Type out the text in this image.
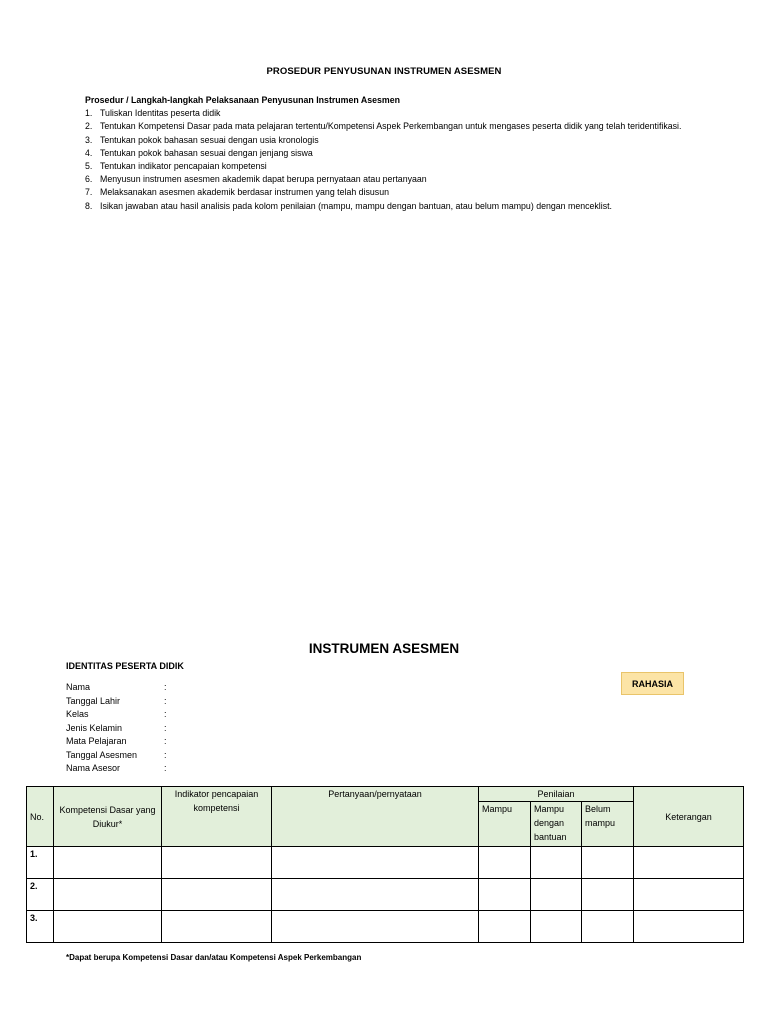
PROSEDUR PENYUSUNAN INSTRUMEN ASESMEN
Prosedur / Langkah-langkah Pelaksanaan Penyusunan Instrumen Asesmen
1. Tuliskan Identitas peserta didik
2. Tentukan Kompetensi Dasar pada mata pelajaran tertentu/Kompetensi Aspek Perkembangan untuk mengases peserta didik yang telah teridentifikasi.
3. Tentukan pokok bahasan sesuai dengan usia kronologis
4. Tentukan pokok bahasan sesuai dengan jenjang siswa
5. Tentukan indikator pencapaian kompetensi
6. Menyusun instrumen asesmen akademik dapat berupa pernyataan atau pertanyaan
7. Melaksanakan asesmen akademik berdasar instrumen yang telah disusun
8. Isikan jawaban atau hasil analisis pada kolom penilaian (mampu, mampu dengan bantuan, atau belum mampu) dengan menceklist.
INSTRUMEN ASESMEN
IDENTITAS PESERTA DIDIK
RAHASIA
Nama	:
Tanggal Lahir	:
Kelas	:
Jenis Kelamin	:
Mata Pelajaran	:
Tanggal Asesmen	:
Nama Asesor	:
No.	Kompetensi Dasar yang Diukur*	Indikator pencapaian kompetensi	Pertanyaan/pernyataan	Penilaian			Keterangan
				Mampu	Mampu dengan bantuan	Belum mampu	
1.							
2.							
3.							
*Dapat berupa Kompetensi Dasar dan/atau Kompetensi Aspek Perkembangan
